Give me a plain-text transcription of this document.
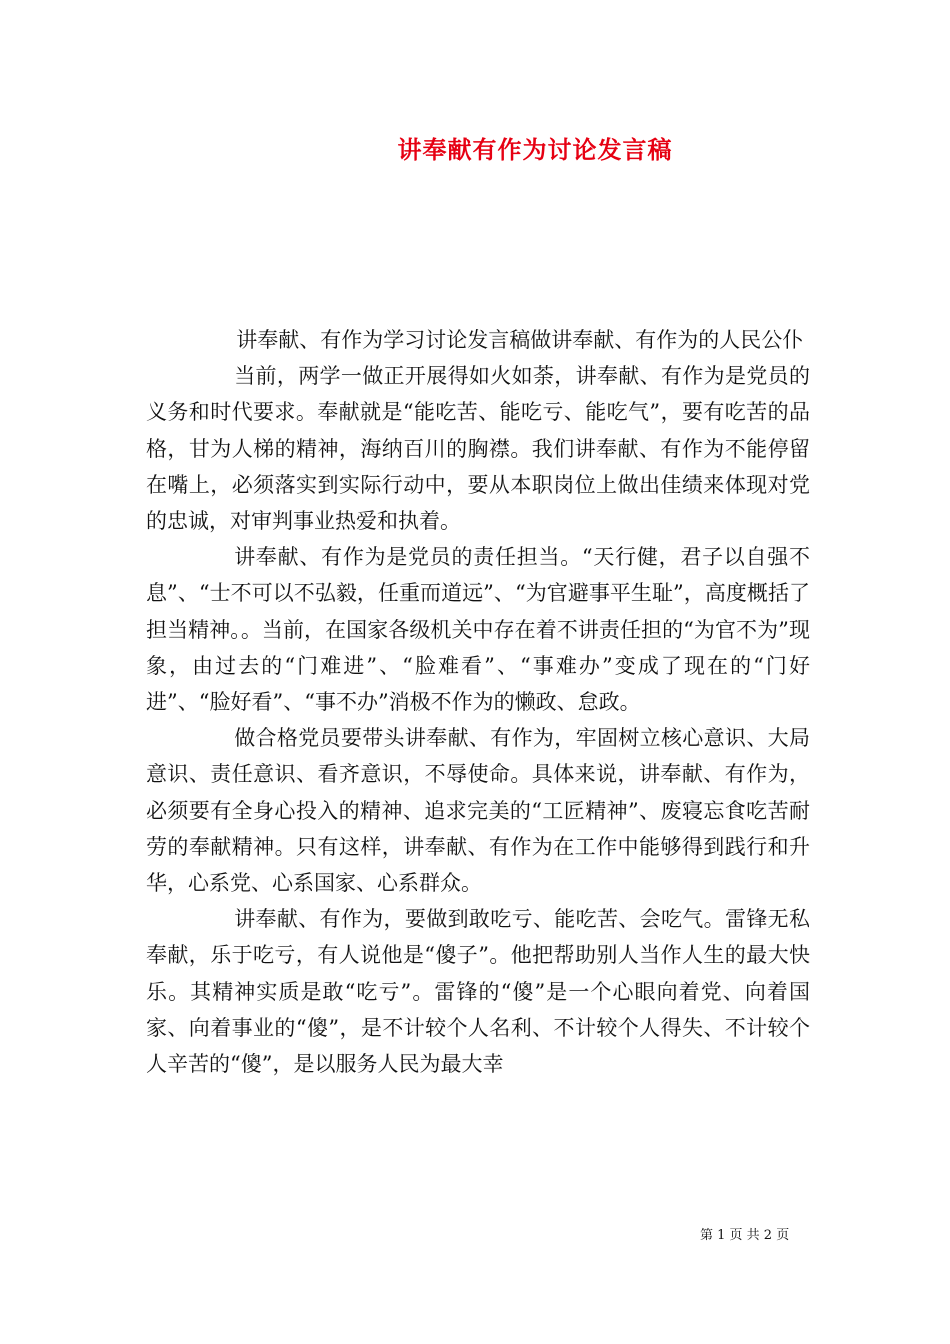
讲奉献有作为讨论发言稿

讲奉献、有作为学习讨论发言稿做讲奉献、有作为的人民公仆

当前，两学一做正开展得如火如荼，讲奉献、有作为是党员的义务和时代要求。奉献就是“能吃苦、能吃亏、能吃气”，要有吃苦的品格，甘为人梯的精神，海纳百川的胸襟。我们讲奉献、有作为不能停留在嘴上，必须落实到实际行动中，要从本职岗位上做出佳绩来体现对党的忠诚，对审判事业热爱和执着。

讲奉献、有作为是党员的责任担当。“天行健，君子以自强不息”、“士不可以不弘毅，任重而道远”、“为官避事平生耻”，高度概括了担当精神。。当前，在国家各级机关中存在着不讲责任担的“为官不为”现象，由过去的“门难进”、“脸难看”、“事难办”变成了现在的“门好进”、“脸好看”、“事不办”消极不作为的懒政、怠政。

做合格党员要带头讲奉献、有作为，牢固树立核心意识、大局意识、责任意识、看齐意识，不辱使命。具体来说，讲奉献、有作为，必须要有全身心投入的精神、追求完美的“工匠精神”、废寝忘食吃苦耐劳的奉献精神。只有这样，讲奉献、有作为在工作中能够得到践行和升华，心系党、心系国家、心系群众。

讲奉献、有作为，要做到敢吃亏、能吃苦、会吃气。雷锋无私奉献，乐于吃亏，有人说他是“傻子”。他把帮助别人当作人生的最大快乐。其精神实质是敢“吃亏”。雷锋的“傻”是一个心眼向着党、向着国家、向着事业的“傻”，是不计较个人名利、不计较个人得失、不计较个人辛苦的“傻”，是以服务人民为最大幸

第 1 页 共 2 页
